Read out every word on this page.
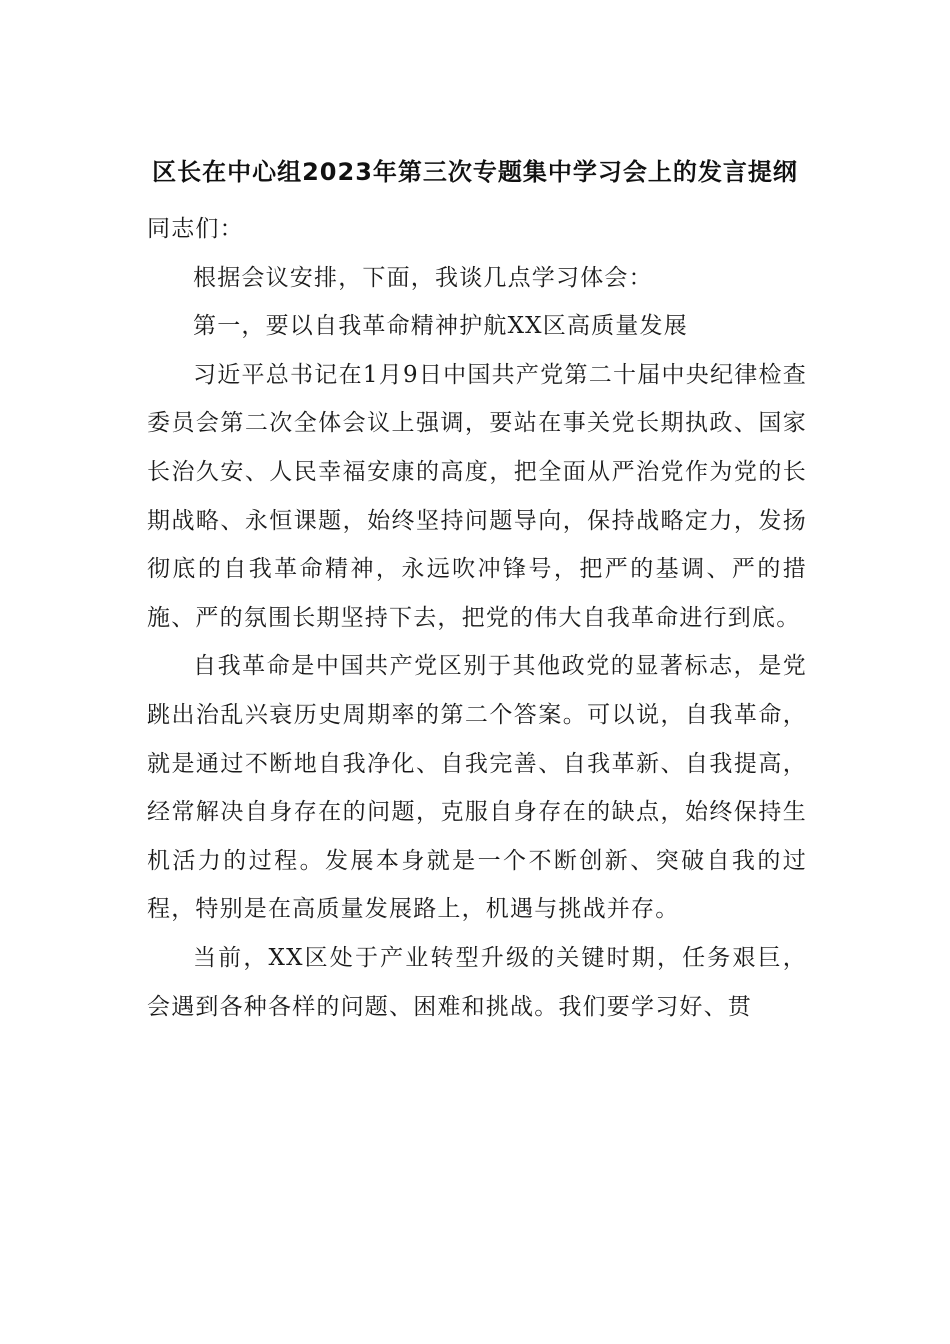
区长在中心组2023年第三次专题集中学习会上的发言提纲

同志们：

根据会议安排，下面，我谈几点学习体会：

第一，要以自我革命精神护航XX区高质量发展

习近平总书记在1月9日中国共产党第二十届中央纪律检查委员会第二次全体会议上强调，要站在事关党长期执政、国家长治久安、人民幸福安康的高度，把全面从严治党作为党的长期战略、永恒课题，始终坚持问题导向，保持战略定力，发扬彻底的自我革命精神，永远吹冲锋号，把严的基调、严的措施、严的氛围长期坚持下去，把党的伟大自我革命进行到底。

自我革命是中国共产党区别于其他政党的显著标志，是党跳出治乱兴衰历史周期率的第二个答案。可以说，自我革命，就是通过不断地自我净化、自我完善、自我革新、自我提高，经常解决自身存在的问题，克服自身存在的缺点，始终保持生机活力的过程。发展本身就是一个不断创新、突破自我的过程，特别是在高质量发展路上，机遇与挑战并存。

当前，XX区处于产业转型升级的关键时期，任务艰巨，会遇到各种各样的问题、困难和挑战。我们要学习好、贯
